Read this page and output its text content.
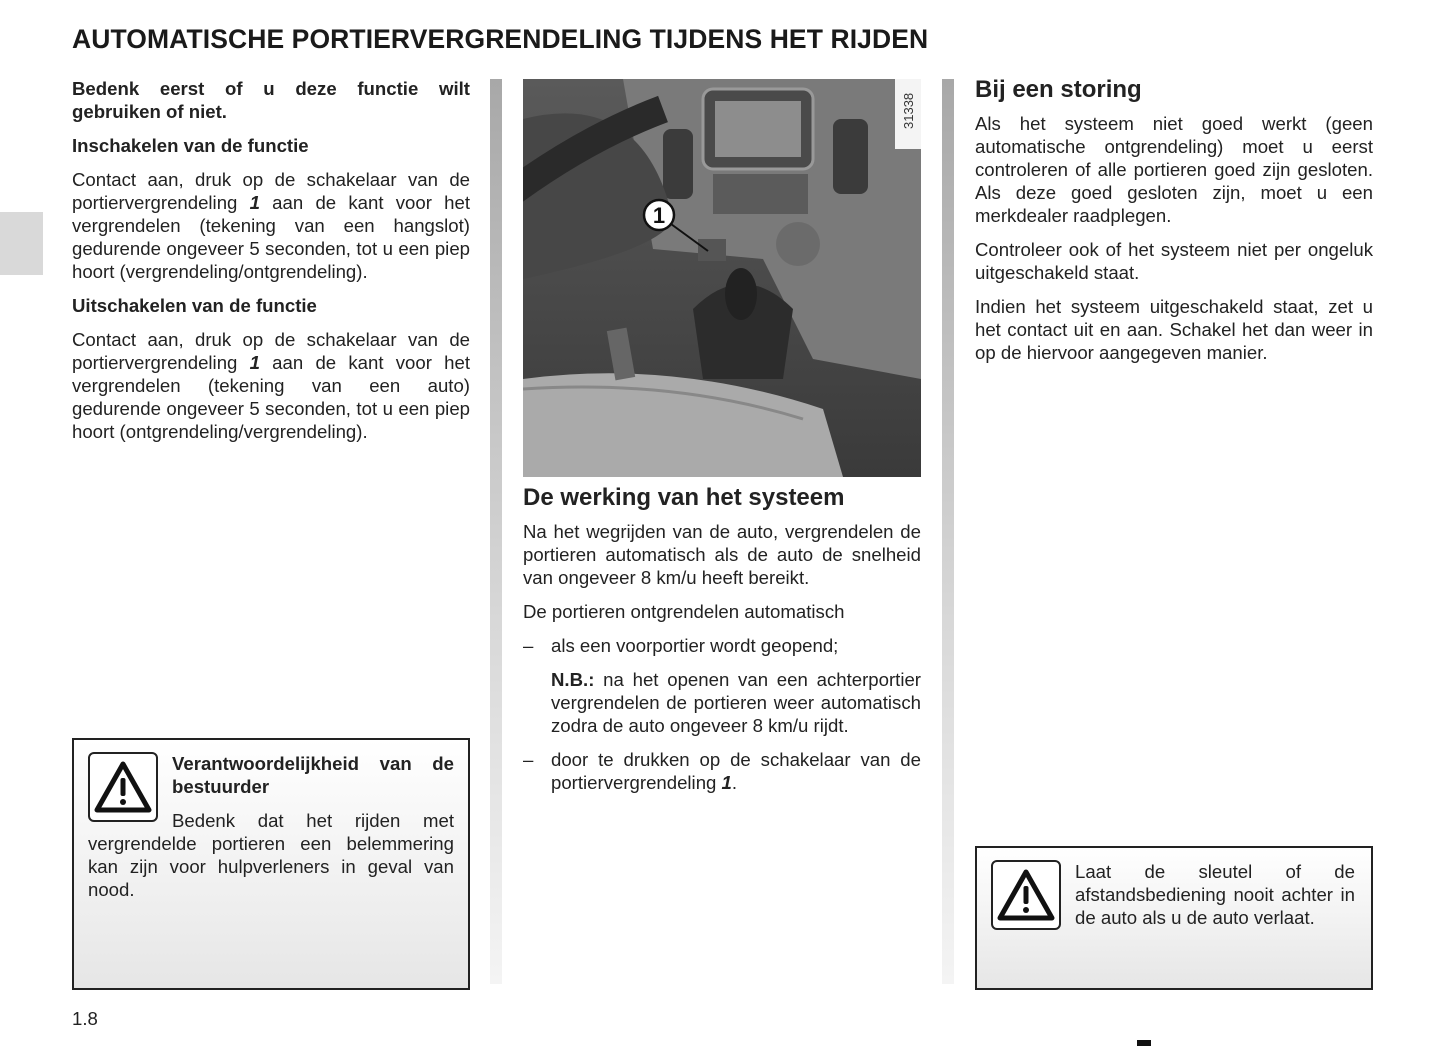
AUTOMATISCHE PORTIERVERGRENDELING TIJDENS HET RIJDEN

Bedenk eerst of u deze functie wilt gebruiken of niet.

Inschakelen van de functie

Contact aan, druk op de schakelaar van de portiervergrendeling 1 aan de kant voor het vergrendelen (tekening van een hangslot) gedurende ongeveer 5 seconden, tot u een piep hoort (vergrendeling/ontgrendeling).

Uitschakelen van de functie

Contact aan, druk op de schakelaar van de portiervergrendeling 1 aan de kant voor het vergrendelen (tekening van een auto) gedurende ongeveer 5 seconden, tot u een piep hoort (ontgrendeling/vergrendeling).

Verantwoordelijkheid van de bestuurder
Bedenk dat het rijden met vergrendelde portieren een belemmering kan zijn voor hulpverleners in geval van nood.
31338
1
De werking van het systeem

Na het wegrijden van de auto, vergrendelen de portieren automatisch als de auto de snelheid van ongeveer 8 km/u heeft bereikt.

De portieren ontgrendelen automatisch

– als een voorportier wordt geopend;

N.B.: na het openen van een achterportier vergrendelen de portieren weer automatisch zodra de auto ongeveer 8 km/u rijdt.

– door te drukken op de schakelaar van de portiervergrendeling 1.
Bij een storing

Als het systeem niet goed werkt (geen automatische ontgrendeling) moet u eerst controleren of alle portieren goed zijn gesloten. Als deze goed gesloten zijn, moet u een merkdealer raadplegen.

Controleer ook of het systeem niet per ongeluk uitgeschakeld staat.

Indien het systeem uitgeschakeld staat, zet u het contact uit en aan. Schakel het dan weer in op de hiervoor aangegeven manier.

Laat de sleutel of de afstandsbediening nooit achter in de auto als u de auto verlaat.
1.8
